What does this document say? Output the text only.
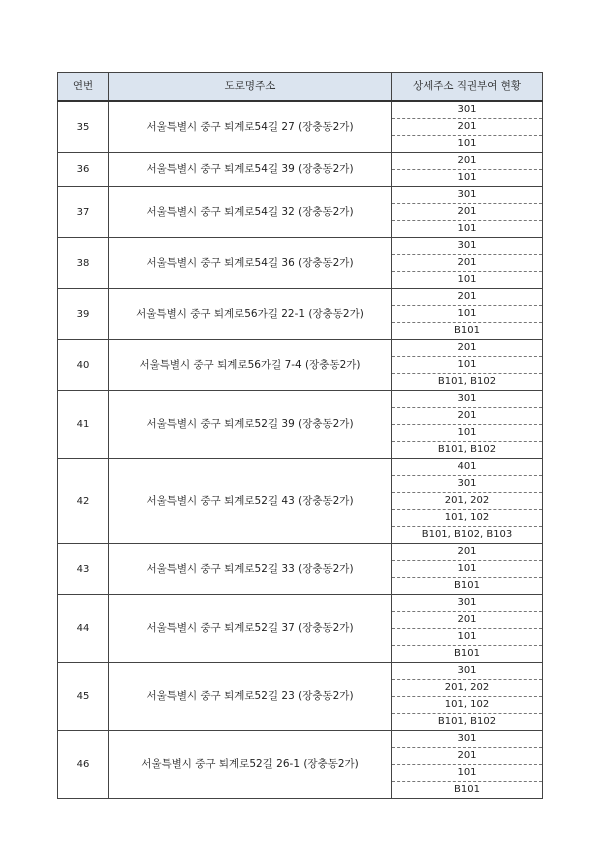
연번	도로명주소	상세주소 직권부여 현황
35	서울특별시 중구 퇴계로54길 27 (장충동2가)	301
201
101

36	서울특별시 중구 퇴계로54길 39 (장충동2가)	201
101

37	서울특별시 중구 퇴계로54길 32 (장충동2가)	301
201
101

38	서울특별시 중구 퇴계로54길 36 (장충동2가)	301
201
101

39	서울특별시 중구 퇴계로56가길 22-1 (장충동2가)	201
101
B101

40	서울특별시 중구 퇴계로56가길 7-4 (장충동2가)	201
101
B101, B102

41	서울특별시 중구 퇴계로52길 39 (장충동2가)	301
201
101
B101, B102

42	서울특별시 중구 퇴계로52길 43 (장충동2가)	401
301
201, 202
101, 102
B101, B102, B103

43	서울특별시 중구 퇴계로52길 33 (장충동2가)	201
101
B101

44	서울특별시 중구 퇴계로52길 37 (장충동2가)	301
201
101
B101

45	서울특별시 중구 퇴계로52길 23 (장충동2가)	301
201, 202
101, 102
B101, B102

46	서울특별시 중구 퇴계로52길 26-1 (장충동2가)	301
201
101
B101
